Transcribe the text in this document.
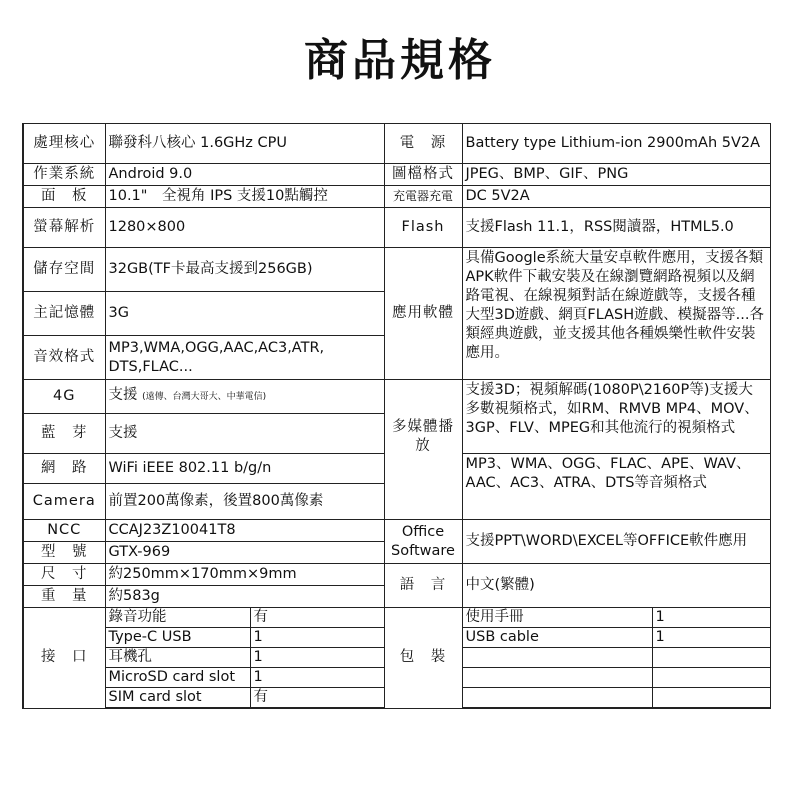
商品規格
處理核心	聯發科八核心 1.6GHz CPU		電　源	Battery type Lithium-ion 2900mAh 5V2A	
作業系統	Android 9.0		圖檔格式	JPEG、BMP、GIF、PNG	
面　板	10.1"　全視角 IPS 支援10點觸控		充電器充電	DC 5V2A	
螢幕解析	1280×800		Flash	支援Flash 11.1，RSS閱讀器，HTML5.0	
儲存空間	32GB(TF卡最高支援到256GB)		應用軟體	具備Google系統大量安卓軟件應用，支援各類APK軟件下載安裝及在線瀏覽網路視頻以及網路電視、在線視頻對話在線遊戲等，支援各種大型3D遊戲、網頁FLASH遊戲、模擬器等...各類經典遊戲，並支援其他各種娛樂性軟件安裝應用。	
主記憶體	3G				
音效格式	MP3,WMA,OGG,AAC,AC3,ATR, DTS,FLAC...				
4G	支援 (遠傳、台灣大哥大、中華電信)		多媒體播放	支援3D；視頻解碼(1080P\2160P等)支援大多數視頻格式，如RM、RMVB MP4、MOV、3GP、FLV、MPEG和其他流行的視頻格式	
藍　芽	支援				
網　路	WiFi iEEE 802.11 b/g/n			MP3、WMA、OGG、FLAC、APE、WAV、AAC、AC3、ATRA、DTS等音頻格式	
Camera	前置200萬像素，後置800萬像素				
NCC	CCAJ23Z10041T8		Office Software	支援PPT\WORD\EXCEL等OFFICE軟件應用	
型　號	GTX-969				
尺　寸	約250mm×170mm×9mm		語　言	中文(繁體)	
重　量	約583g				
接　口	錄音功能	有	包　裝	使用手冊	1
	Type-C USB	1		USB cable	1
	耳機孔	1			
	MicroSD card slot	1			
	SIM card slot	有			
